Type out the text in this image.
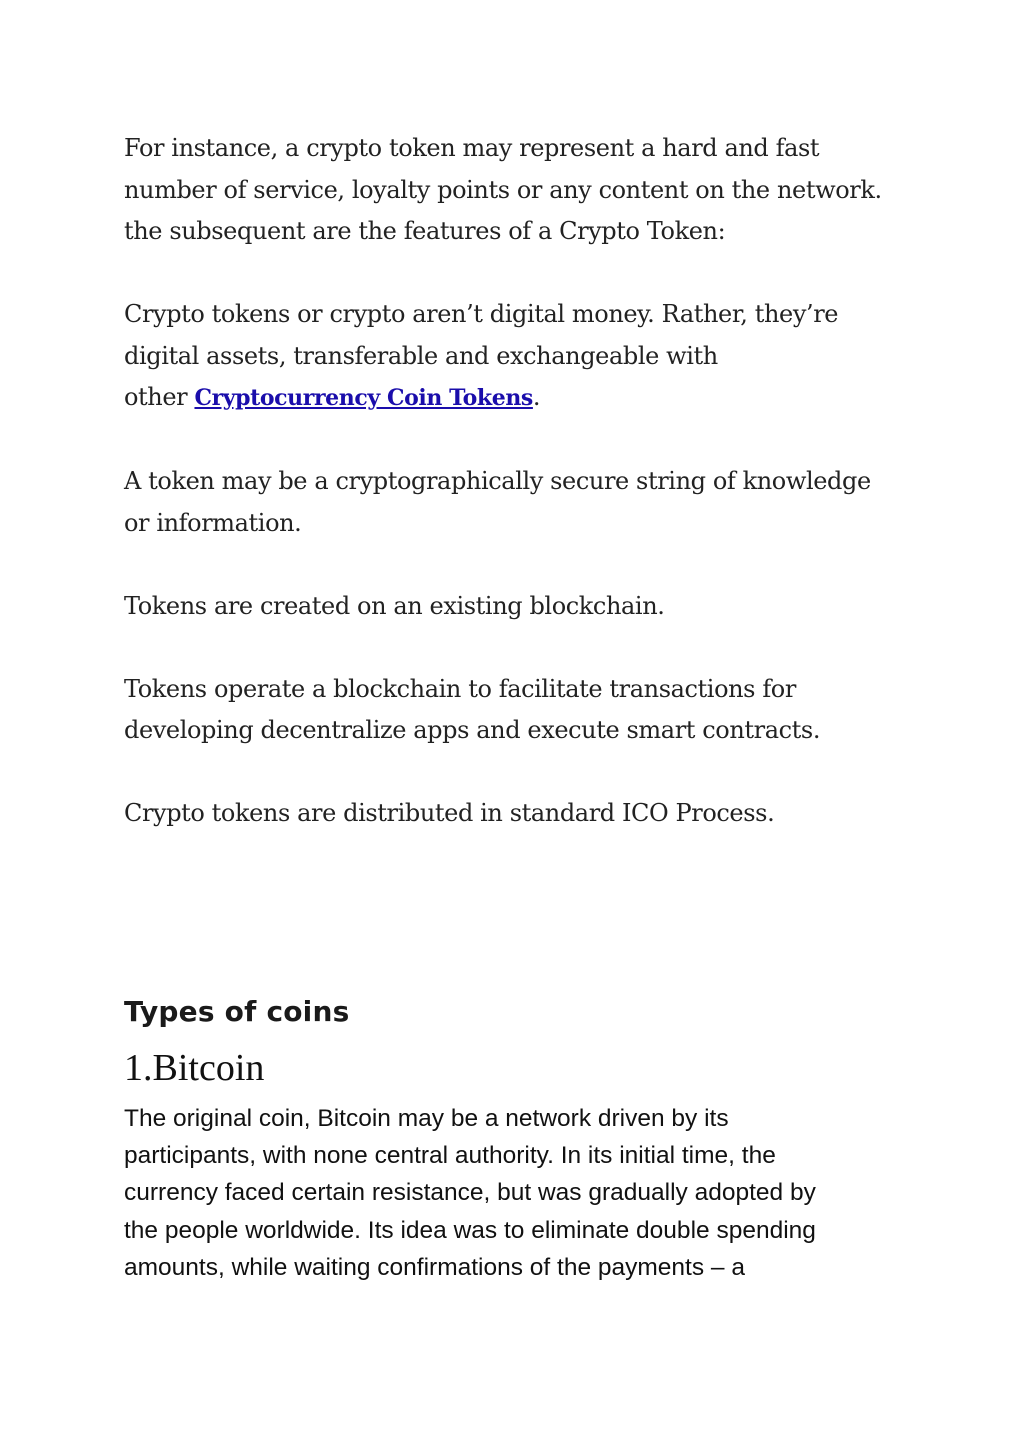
For instance, a crypto token may represent a hard and fast
number of service, loyalty points or any content on the network.
the subsequent are the features of a Crypto Token:

Crypto tokens or crypto aren’t digital money. Rather, they’re
digital assets, transferable and exchangeable with
other Cryptocurrency Coin Tokens.

A token may be a cryptographically secure string of knowledge
or information.

Tokens are created on an existing blockchain.

Tokens operate a blockchain to facilitate transactions for
developing decentralize apps and execute smart contracts.

Crypto tokens are distributed in standard ICO Process.

Types of coins
1.Bitcoin

The original coin, Bitcoin may be a network driven by its
participants, with none central authority. In its initial time, the
currency faced certain resistance, but was gradually adopted by
the people worldwide. Its idea was to eliminate double spending
amounts, while waiting confirmations of the payments – a
